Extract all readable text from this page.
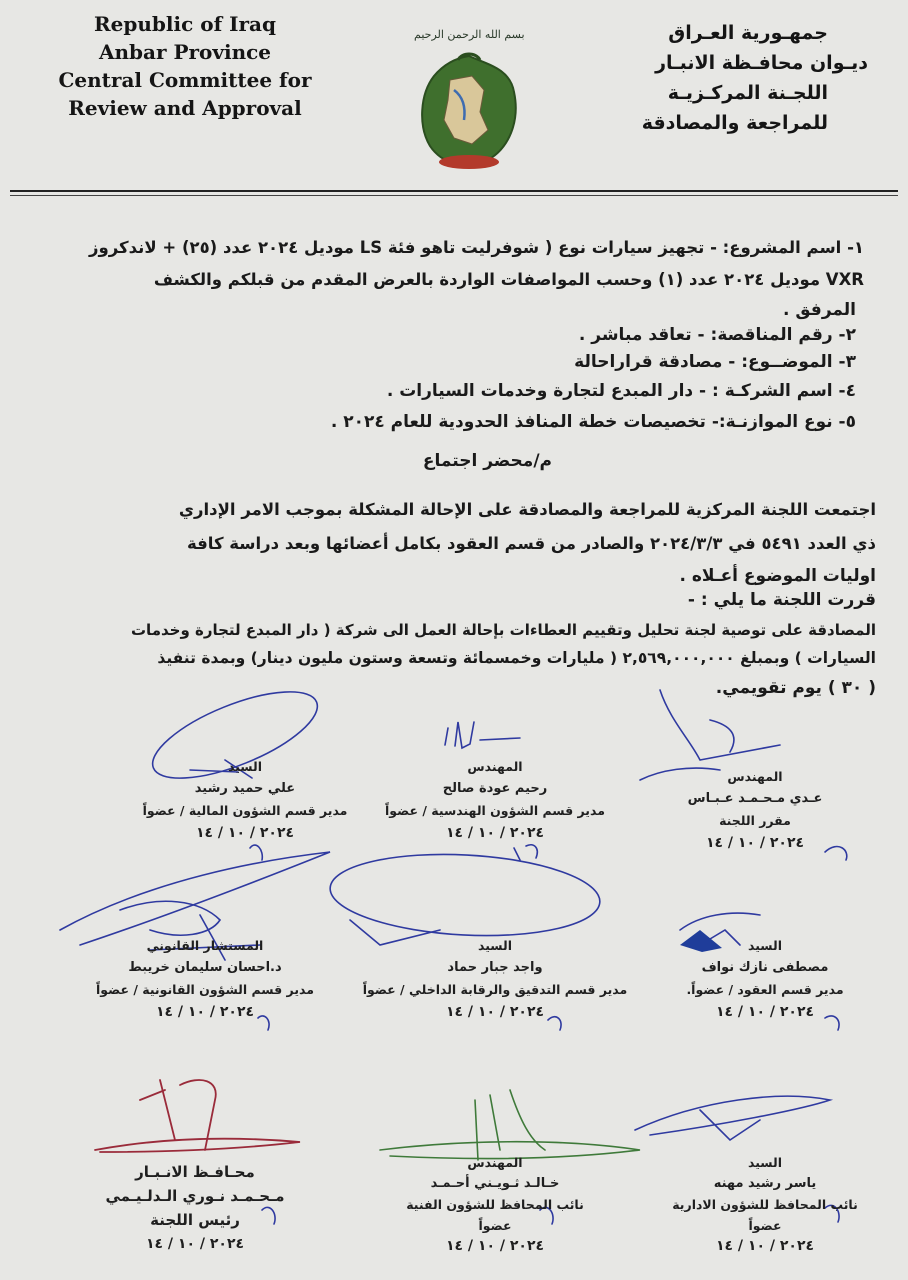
Republic of Iraq
Anbar Province
Central Committee for
Review and Approval
بسم الله الرحمن الرحيم	جمهـورية العـراق
ديـوان محافـظة الانبـار
اللجـنة المركـزيـة
للمراجعة والمصادقة
١- اسم المشروع: - تجهيز سيارات نوع ( شوفرليت تاهو فئة LS موديل ٢٠٢٤ عدد (٢٥) + لاندكروز
VXR موديل ٢٠٢٤ عدد (١) وحسب المواصفات الواردة بالعرض المقدم من قبلكم والكشف
المرفق .
٢- رقم المناقصة: - تعاقد مباشر .
٣- الموضــوع: - مصادقة قراراحالة
٤- اسم الشركـة : - دار المبدع لتجارة وخدمات السيارات .
٥- نوع الموازنـة:- تخصيصات خطة المنافذ الحدودية للعام ٢٠٢٤ .
م/محضر اجتماع
اجتمعت اللجنة المركزية للمراجعة والمصادقة على الإحالة المشكلة بموجب الامر الإداري
ذي العدد ٥٤٩١ في ٢٠٢٤/٣/٣ والصادر من قسم العقود بكامل أعضائها وبعد دراسة كافة
اوليات الموضوع أعـلاه .
قررت اللجنة ما يلي : -
المصادقة على توصية لجنة تحليل وتقييم العطاءات بإحالة العمل الى شركة ( دار المبدع لتجارة وخدمات
السيارات ) وبمبلغ ٢,٥٦٩,٠٠٠,٠٠٠ ( مليارات وخمسمائة وتسعة وستون مليون دينار) وبمدة تنفيذ
( ٣٠ ) يوم تقويمي.
السيد
علي حميد رشيد
مدير قسم الشؤون المالية / عضواً
٢٠٢٤ / ١٠ / ١٤
المهندس
رحيم عودة صالح
مدير قسم الشؤون الهندسية / عضواً
٢٠٢٤ / ١٠ / ١٤
المهندس
عـدي مـحـمـد عـبـاس
مقرر اللجنة
٢٠٢٤ / ١٠ / ١٤
المستشار القانوني
د.احسان سليمان خريبط
مدير قسم الشؤون القانونية / عضواً
٢٠٢٤ / ١٠ / ١٤
السيد
واجد جبار حماد
مدير قسم التدقيق والرقابة الداخلي / عضواً
٢٠٢٤ / ١٠ / ١٤
السيد
مصطفى نازك نواف
مدير قسم العقود / عضواً.
٢٠٢٤ / ١٠ / ١٤
محـافـظ الانـبـار
مـحـمـد نـوري الـدلـيـمي
رئيس اللجنة
٢٠٢٤ / ١٠ / ١٤
المهندس
خـالـد ثـويـني أحـمـد
نائب المحافظ للشؤون الفنية
عضواً
٢٠٢٤ / ١٠ / ١٤
السيد
ياسر رشيد مهنه
نائب المحافظ للشؤون الادارية
عضواً
٢٠٢٤ / ١٠ / ١٤
